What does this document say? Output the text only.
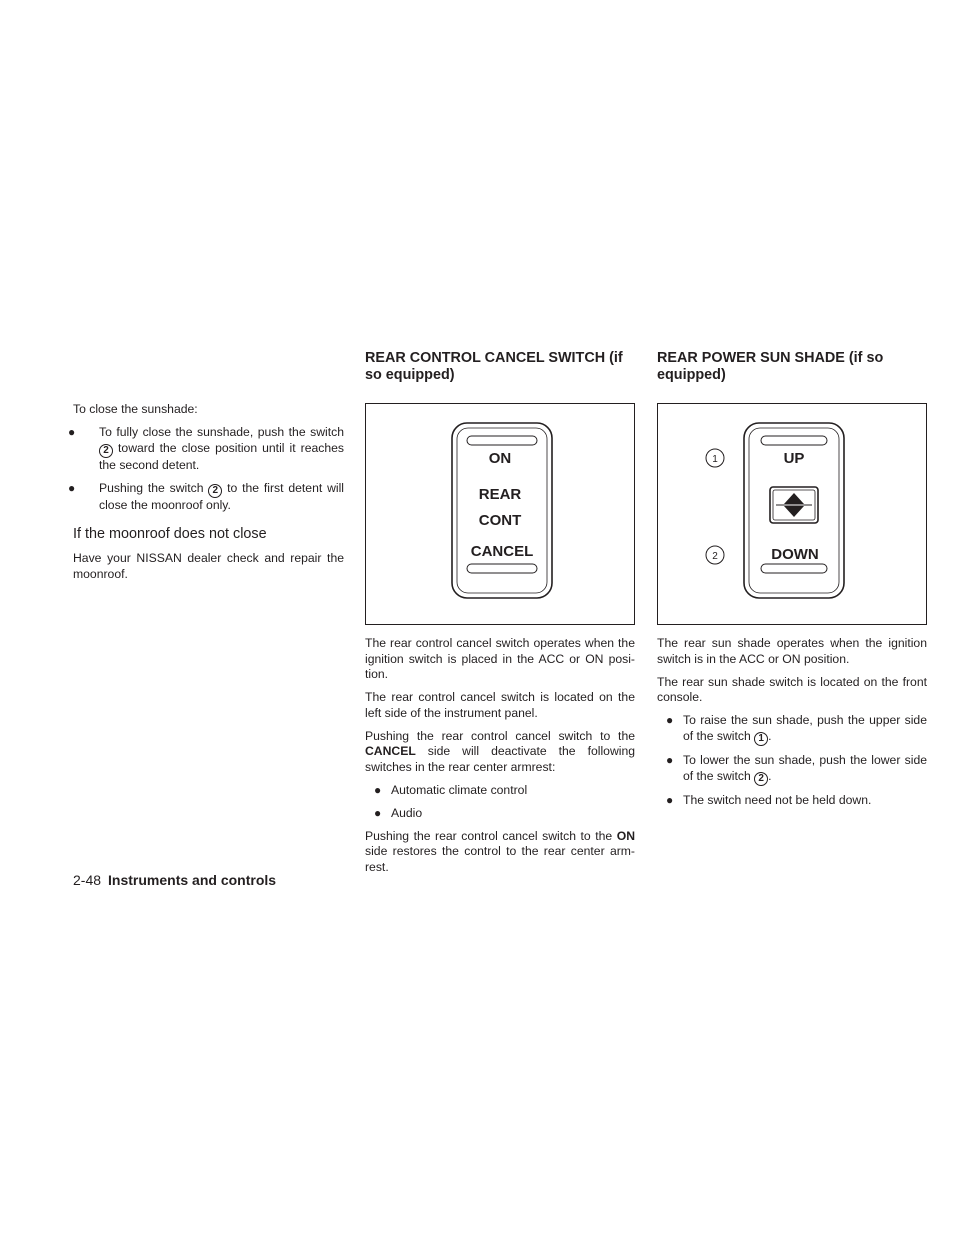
To close the sunshade:

● To fully close the sunshade, push the switch 2 toward the close position until it reaches the second detent.
● Pushing the switch 2 to the first detent will close the moonroof only.
If the moonroof does not close

Have your NISSAN dealer check and repair the moonroof.

REAR CONTROL CANCEL SWITCH (if so equipped)
ON
REAR
CONT
CANCEL

The rear control cancel switch operates when the ignition switch is placed in the ACC or ON posi-tion.

The rear control cancel switch is located on the left side of the instrument panel.

Pushing the rear control cancel switch to the CANCEL side will deactivate the following switches in the rear center armrest:

● Automatic climate control
● Audio

Pushing the rear control cancel switch to the ON side restores the control to the rear center arm-rest.

REAR POWER SUN SHADE (if so equipped)
UP
DOWN
1
2

The rear sun shade operates when the ignition switch is in the ACC or ON position.

The rear sun shade switch is located on the front console.

● To raise the sun shade, push the upper side of the switch 1 .
● To lower the sun shade, push the lower side of the switch 2 .
● The switch need not be held down.
2-48 Instruments and controls
